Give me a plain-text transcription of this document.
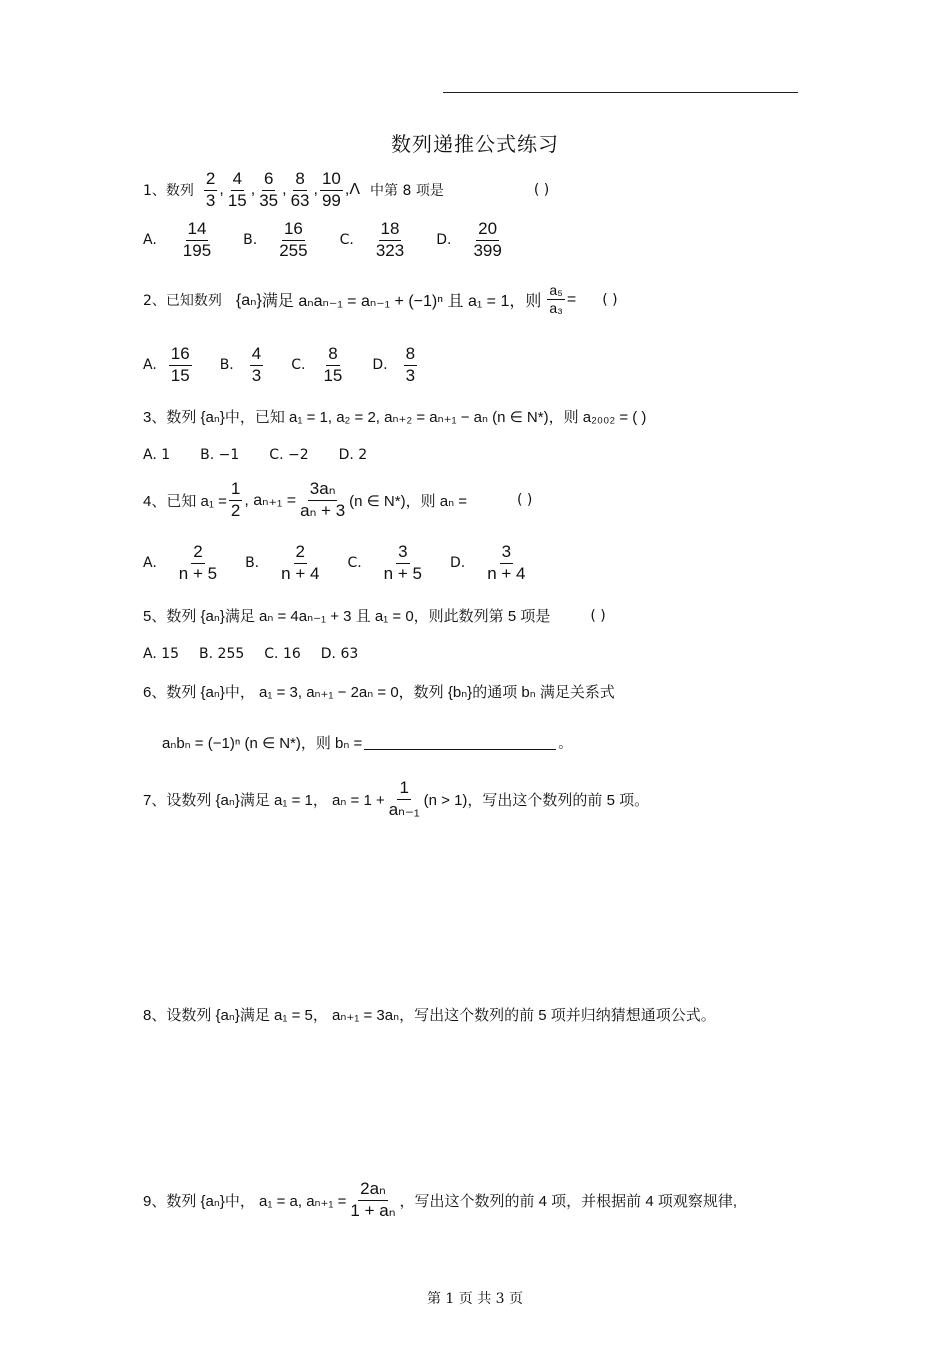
数列递推公式练习
1、数列 $\frac{2}{3}$ , $\frac{4}{15}$ , $\frac{6}{35}$ , $\frac{8}{63}$ , $\frac{10}{99} ,\Lambda$ 中第 8 项是	( )
A. $\frac{14}{195} B$. $\frac{16}{255} C$. $\frac{18}{323} D$. $\frac{20}{399}$
2、已知数列 {aₙ} 满足 aₙaₙ₋₁ = aₙ₋₁ + (−1)ⁿ 且 a₁ = 1，则 $\frac{\text{a₅}}{\text{a₃}}$ = ( )
A. $\frac{16}{15} B$. $\frac{4}{3} C$. $\frac{8}{15} D$. $\frac{8}{3}$
3、数列 {aₙ}中，已知 a₁ = 1, a₂ = 2, aₙ₊₂ = aₙ₊₁ − aₙ (n ∈ N*)，则 a₂₀₀₂ = ( )
A. 1 B. −1 C. −2 D. 2
4、已知 $a_1 = \frac{1}{2}$ , $a_{n+1} = \frac{\text{3aₙ}}{\text{aₙ + 3}} (n$ ∈ N*)，则 aₙ =	( )
A. $\frac{2}{n + 5} B$. $\frac{2}{n + 4} C$. $\frac{3}{n + 5} D$. $\frac{3}{n + 4}$
5、数列 {aₙ}满足 aₙ = 4aₙ₋₁ + 3 且 a₁ = 0，则此数列第 5 项是	( )
A. 15 B. 255 C. 16 D. 63
6、数列 {aₙ}中， a₁ = 3, aₙ₊₁ − 2aₙ = 0，数列 {bₙ}的通项 bₙ 满足关系式
aₙbₙ = (−1)ⁿ (n ∈ N*)，则 bₙ =	。
7、设数列 {aₙ}满足 a₁ = 1， $a_n = 1 + \frac{1}{\text{aₙ₋₁}} (n > 1)$，写出这个数列的前 5 项。
8、设数列 {aₙ}满足 a₁ = 5， aₙ₊₁ = 3aₙ，写出这个数列的前 5 项并归纳猜想通项公式。
9、数列 {aₙ}中， a₁ = a, $a_{n+1} = \frac{\text{2aₙ}}{\text{1 + aₙ}}$ ，写出这个数列的前 4 项，并根据前 4 项观察规律,
第 1 页 共 3 页
